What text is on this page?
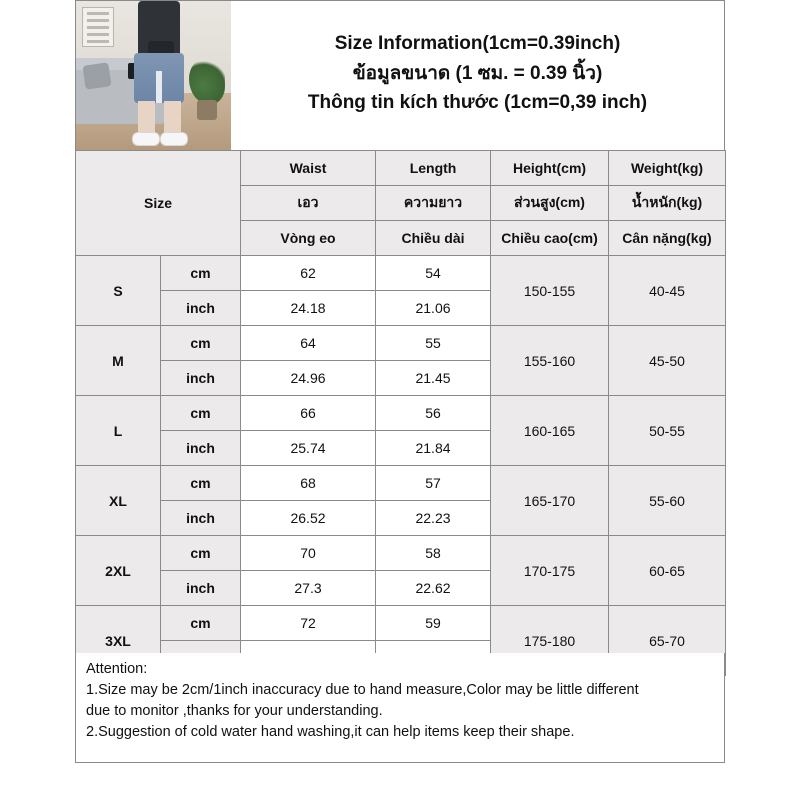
Size Information(1cm=0.39inch)
ข้อมูลขนาด (1 ซม. = 0.39 นิ้ว)
Thông tin kích thước (1cm=0,39 inch)
Size		Waist	Length	Height(cm)	Weight(kg)
		เอว	ความยาว	ส่วนสูง(cm)	น้ำหนัก(kg)
		Vòng eo	Chiều dài	Chiều cao(cm)	Cân nặng(kg)
S	cm	62	54	150-155	40-45
	inch	24.18	21.06		
M	cm	64	55	155-160	45-50
	inch	24.96	21.45		
L	cm	66	56	160-165	50-55
	inch	25.74	21.84		
XL	cm	68	57	165-170	55-60
	inch	26.52	22.23		
2XL	cm	70	58	170-175	60-65
	inch	27.3	22.62		
3XL	cm	72	59	175-180	65-70

Attention:

1.Size may be 2cm/1inch inaccuracy due to hand measure,Color may be little different

due to monitor ,thanks for your understanding.

2.Suggestion of cold water hand washing,it can help items keep their shape.
